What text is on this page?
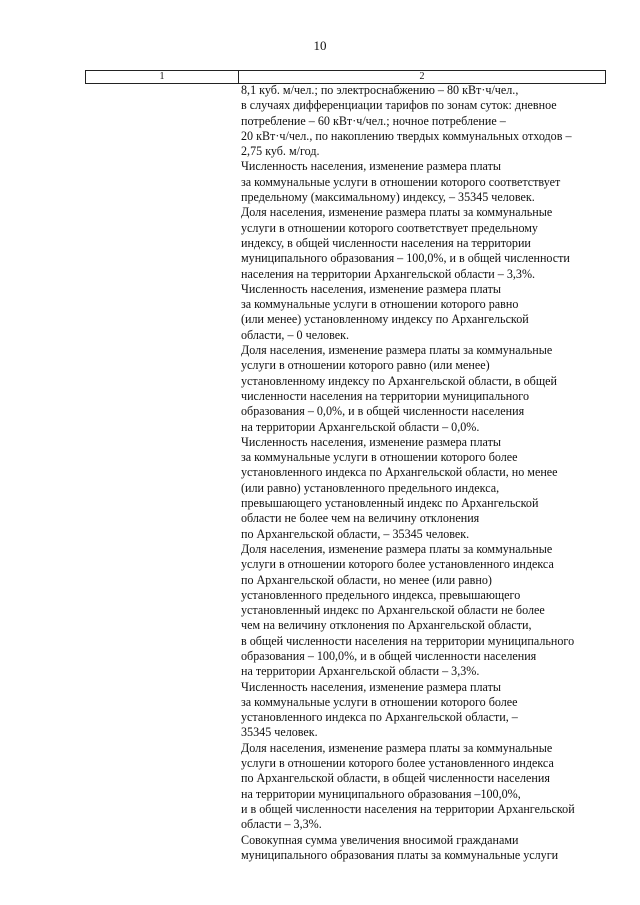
10
1	2
8,1 куб. м/чел.; по электроснабжению – 80 кВт·ч/чел.,
в случаях дифференциации тарифов по зонам суток: дневное
потребление – 60 кВт·ч/чел.; ночное потребление –
20 кВт·ч/чел., по накоплению твердых коммунальных отходов –
2,75 куб. м/год.
Численность населения, изменение размера платы
за коммунальные услуги в отношении которого соответствует
предельному (максимальному) индексу, – 35345 человек.
Доля населения, изменение размера платы за коммунальные
услуги в отношении которого соответствует предельному
индексу, в общей численности населения на территории
муниципального образования – 100,0%, и в общей численности
населения на территории Архангельской области – 3,3%.
Численность населения, изменение размера платы
за коммунальные услуги в отношении которого равно
(или менее) установленному индексу по Архангельской
области, – 0 человек.
Доля населения, изменение размера платы за коммунальные
услуги в отношении которого равно (или менее)
установленному индексу по Архангельской области, в общей
численности населения на территории муниципального
образования – 0,0%, и в общей численности населения
на территории Архангельской области – 0,0%.
Численность населения, изменение размера платы
за коммунальные услуги в отношении которого более
установленного индекса по Архангельской области, но менее
(или равно) установленного предельного индекса,
превышающего установленный индекс по Архангельской
области не более чем на величину отклонения
по Архангельской области, – 35345 человек.
Доля населения, изменение размера платы за коммунальные
услуги в отношении которого более установленного индекса
по Архангельской области, но менее (или равно)
установленного предельного индекса, превышающего
установленный индекс по Архангельской области не более
чем на величину отклонения по Архангельской области,
в общей численности населения на территории муниципального
образования – 100,0%, и в общей численности населения
на территории Архангельской области – 3,3%.
Численность населения, изменение размера платы
за коммунальные услуги в отношении которого более
установленного индекса по Архангельской области, –
35345 человек.
Доля населения, изменение размера платы за коммунальные
услуги в отношении которого более установленного индекса
по Архангельской области, в общей численности населения
на территории муниципального образования –100,0%,
и в общей численности населения на территории Архангельской
области – 3,3%.
Совокупная сумма увеличения вносимой гражданами
муниципального образования платы за коммунальные услуги
